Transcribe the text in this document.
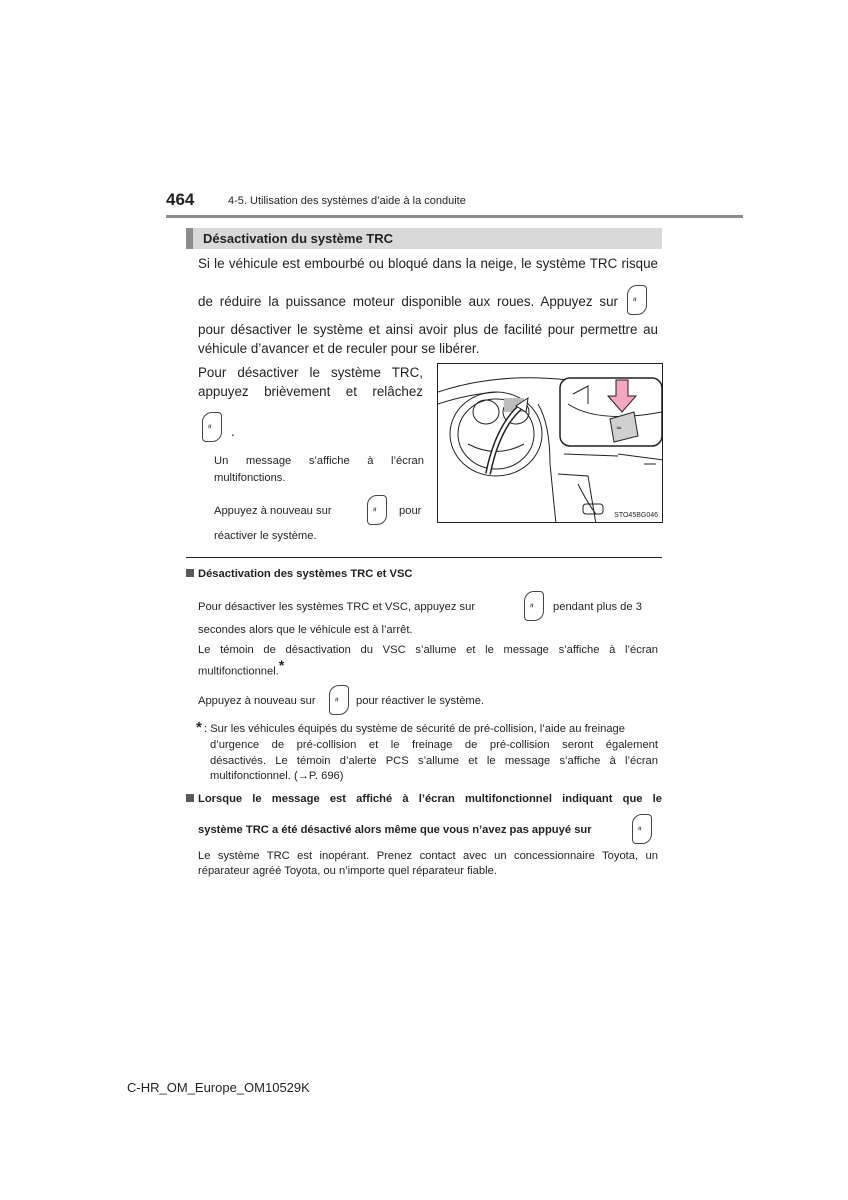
464	4-5. Utilisation des systèmes d’aide à la conduite
Désactivation du système TRC
Si le véhicule est embourbé ou bloqué dans la neige, le système TRC risque
de réduire la puissance moteur disponible aux roues. Appuyez sur ≈
pour désactiver le système et ainsi avoir plus de facilité pour permettre au
véhicule d’avancer et de reculer pour se libérer.
Pour désactiver le système TRC,
appuyez brièvement et relâchez
≈ .
Un message s’affiche à l’écran
multifonctions.
Appuyez à nouveau sur	≈ pour
réactiver le système.
≈
STO45BG046
Désactivation des systèmes TRC et VSC
Pour désactiver les systèmes TRC et VSC, appuyez sur	≈ pendant plus de 3
secondes alors que le véhicule est à l’arrêt.
Le témoin de désactivation du VSC s’allume et le message s’affiche à l’écran
multifonctionnel.*
Appuyez à nouveau sur ≈ pour réactiver le système.
* : Sur les véhicules équipés du système de sécurité de pré-collision, l’aide au freinage
d’urgence de pré-collision et le freinage de pré-collision seront également
désactivés. Le témoin d’alerte PCS s’allume et le message s’affiche à l’écran
multifonctionnel. (→P. 696)
Lorsque le message est affiché à l’écran multifonctionnel indiquant que le
système TRC a été désactivé alors même que vous n’avez pas appuyé sur	≈
Le système TRC est inopérant. Prenez contact avec un concessionnaire Toyota, un
réparateur agréé Toyota, ou n’importe quel réparateur fiable.
C-HR_OM_Europe_OM10529K
